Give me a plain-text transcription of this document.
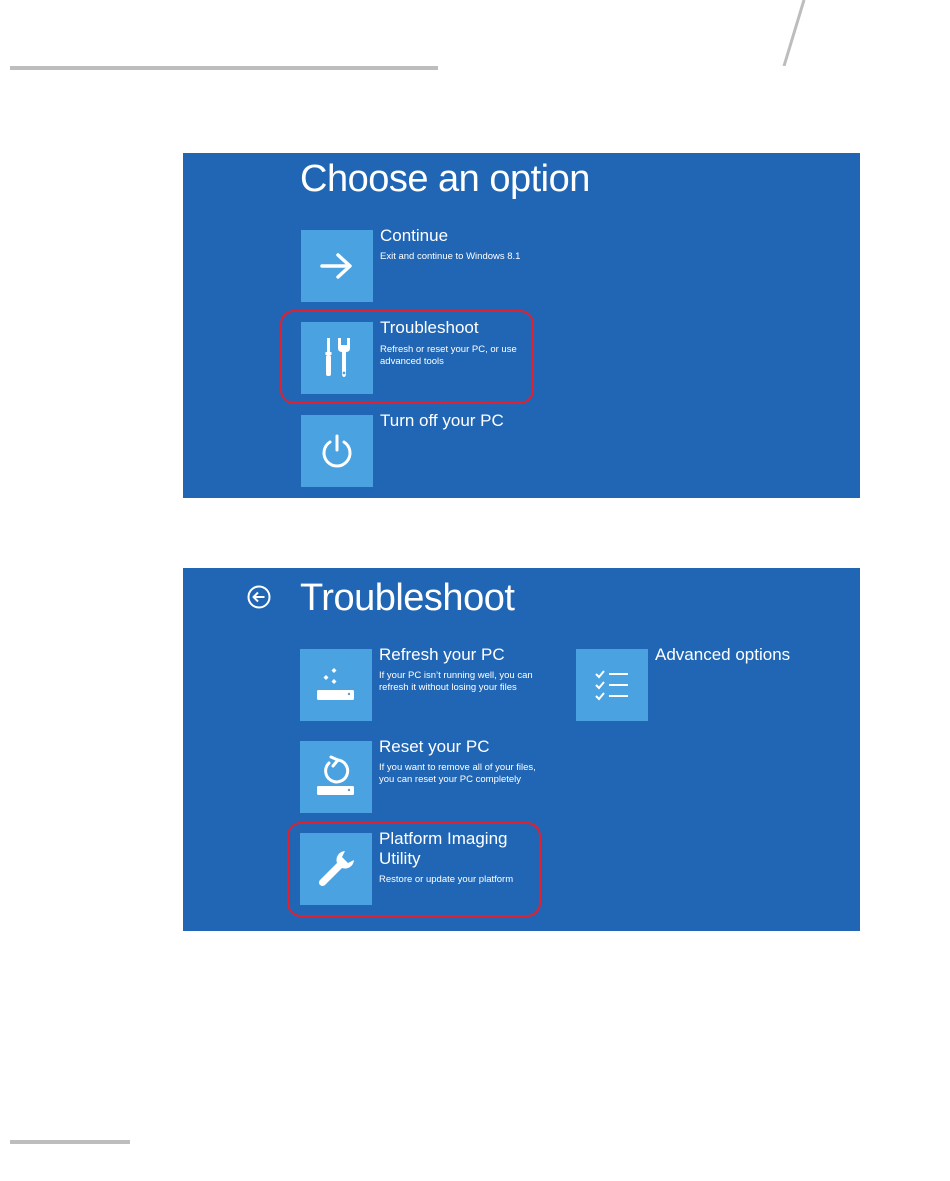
Choose an option
Continue
Exit and continue to Windows 8.1
Troubleshoot
Refresh or reset your PC, or use
advanced tools
Turn off your PC
Troubleshoot
Refresh your PC
If your PC isn’t running well, you can
refresh it without losing your files
Reset your PC
If you want to remove all of your files,
you can reset your PC completely
Platform Imaging
Utility
Restore or update your platform
Advanced options
